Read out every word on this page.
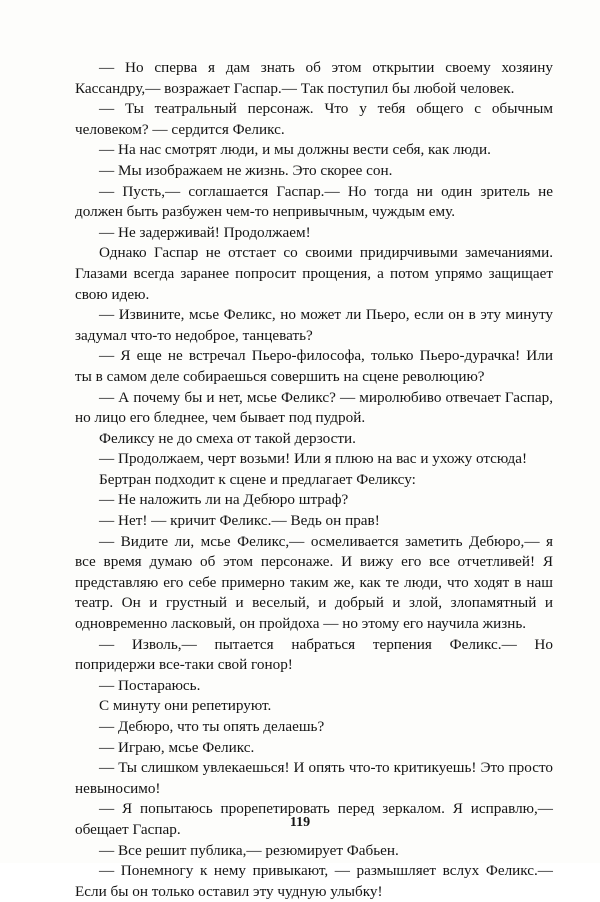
— Но сперва я дам знать об этом открытии своему хозяину Кассандру,— возражает Гаспар.— Так поступил бы любой человек.

— Ты театральный персонаж. Что у тебя общего с обычным человеком? — сердится Феликс.

— На нас смотрят люди, и мы должны вести себя, как люди.

— Мы изображаем не жизнь. Это скорее сон.

— Пусть,— соглашается Гаспар.— Но тогда ни один зритель не должен быть разбужен чем-то непривычным, чуждым ему.

— Не задерживай! Продолжаем!

Однако Гаспар не отстает со своими придирчивыми замечаниями. Глазами всегда заранее попросит прощения, а потом упрямо защищает свою идею.

— Извините, мсье Феликс, но может ли Пьеро, если он в эту минуту задумал что-то недоброе, танцевать?

— Я еще не встречал Пьеро-философа, только Пьеро-дурачка! Или ты в самом деле собираешься совершить на сцене революцию?

— А почему бы и нет, мсье Феликс? — миролюбиво отвечает Гаспар, но лицо его бледнее, чем бывает под пудрой.

Феликсу не до смеха от такой дерзости.

— Продолжаем, черт возьми! Или я плюю на вас и ухожу отсюда!

Бертран подходит к сцене и предлагает Феликсу:

— Не наложить ли на Дебюро штраф?

— Нет! — кричит Феликс.— Ведь он прав!

— Видите ли, мсье Феликс,— осмеливается заметить Дебюро,— я все время думаю об этом персонаже. И вижу его все отчетливей! Я представляю его себе примерно таким же, как те люди, что ходят в наш театр. Он и грустный и веселый, и добрый и злой, злопамятный и одновременно ласковый, он пройдоха — но этому его научила жизнь.

— Изволь,— пытается набраться терпения Феликс.— Но попридержи все-таки свой гонор!

— Постараюсь.

С минуту они репетируют.

— Дебюро, что ты опять делаешь?

— Играю, мсье Феликс.

— Ты слишком увлекаешься! И опять что-то критикуешь! Это просто невыносимо!

— Я попытаюсь прорепетировать перед зеркалом. Я исправлю,— обещает Гаспар.

— Все решит публика,— резюмирует Фабьен.

— Понемногу к нему привыкают, — размышляет вслух Феликс.— Если бы он только оставил эту чудную улыбку!

119
